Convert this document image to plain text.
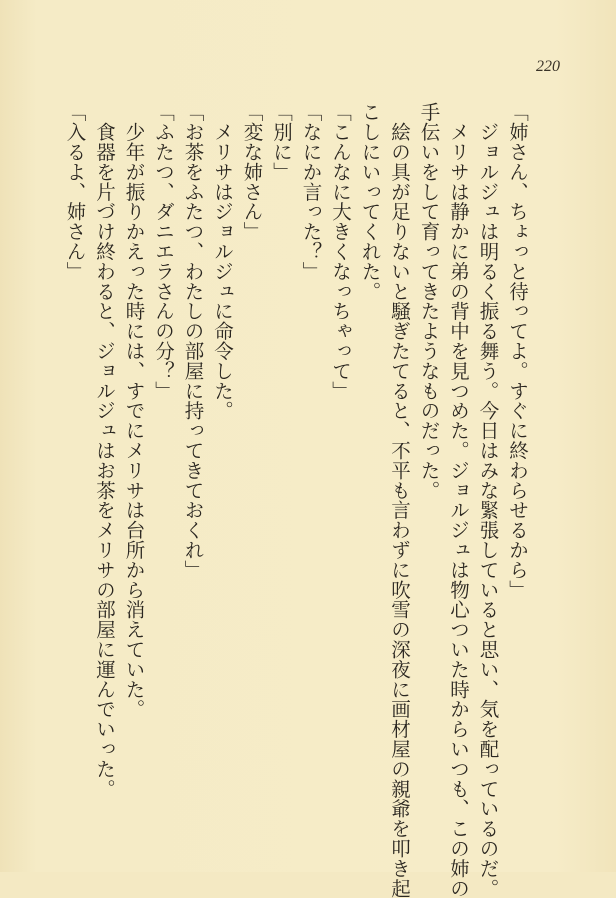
220
「姉さん、ちょっと待ってよ。すぐに終わらせるから」
　ジョルジュは明るく振る舞う。今日はみな緊張していると思い、気を配っているのだ。
　メリサは静かに弟の背中を見つめた。ジョルジュは物心ついた時からいつも、この姉の
手伝いをして育ってきたようなものだった。
　絵の具が足りないと騒ぎたてると、不平も言わずに吹雪の深夜に画材屋の親爺を叩き起
こしにいってくれた。
「こんなに大きくなっちゃって」
「なにか言った？」
「別に」
「変な姉さん」
　メリサはジョルジュに命令した。
「お茶をふたつ、わたしの部屋に持ってきておくれ」
「ふたつ、ダニエラさんの分？」
　少年が振りかえった時には、すでにメリサは台所から消えていた。
　食器を片づけ終わると、ジョルジュはお茶をメリサの部屋に運んでいった。
「入るよ、姉さん」
